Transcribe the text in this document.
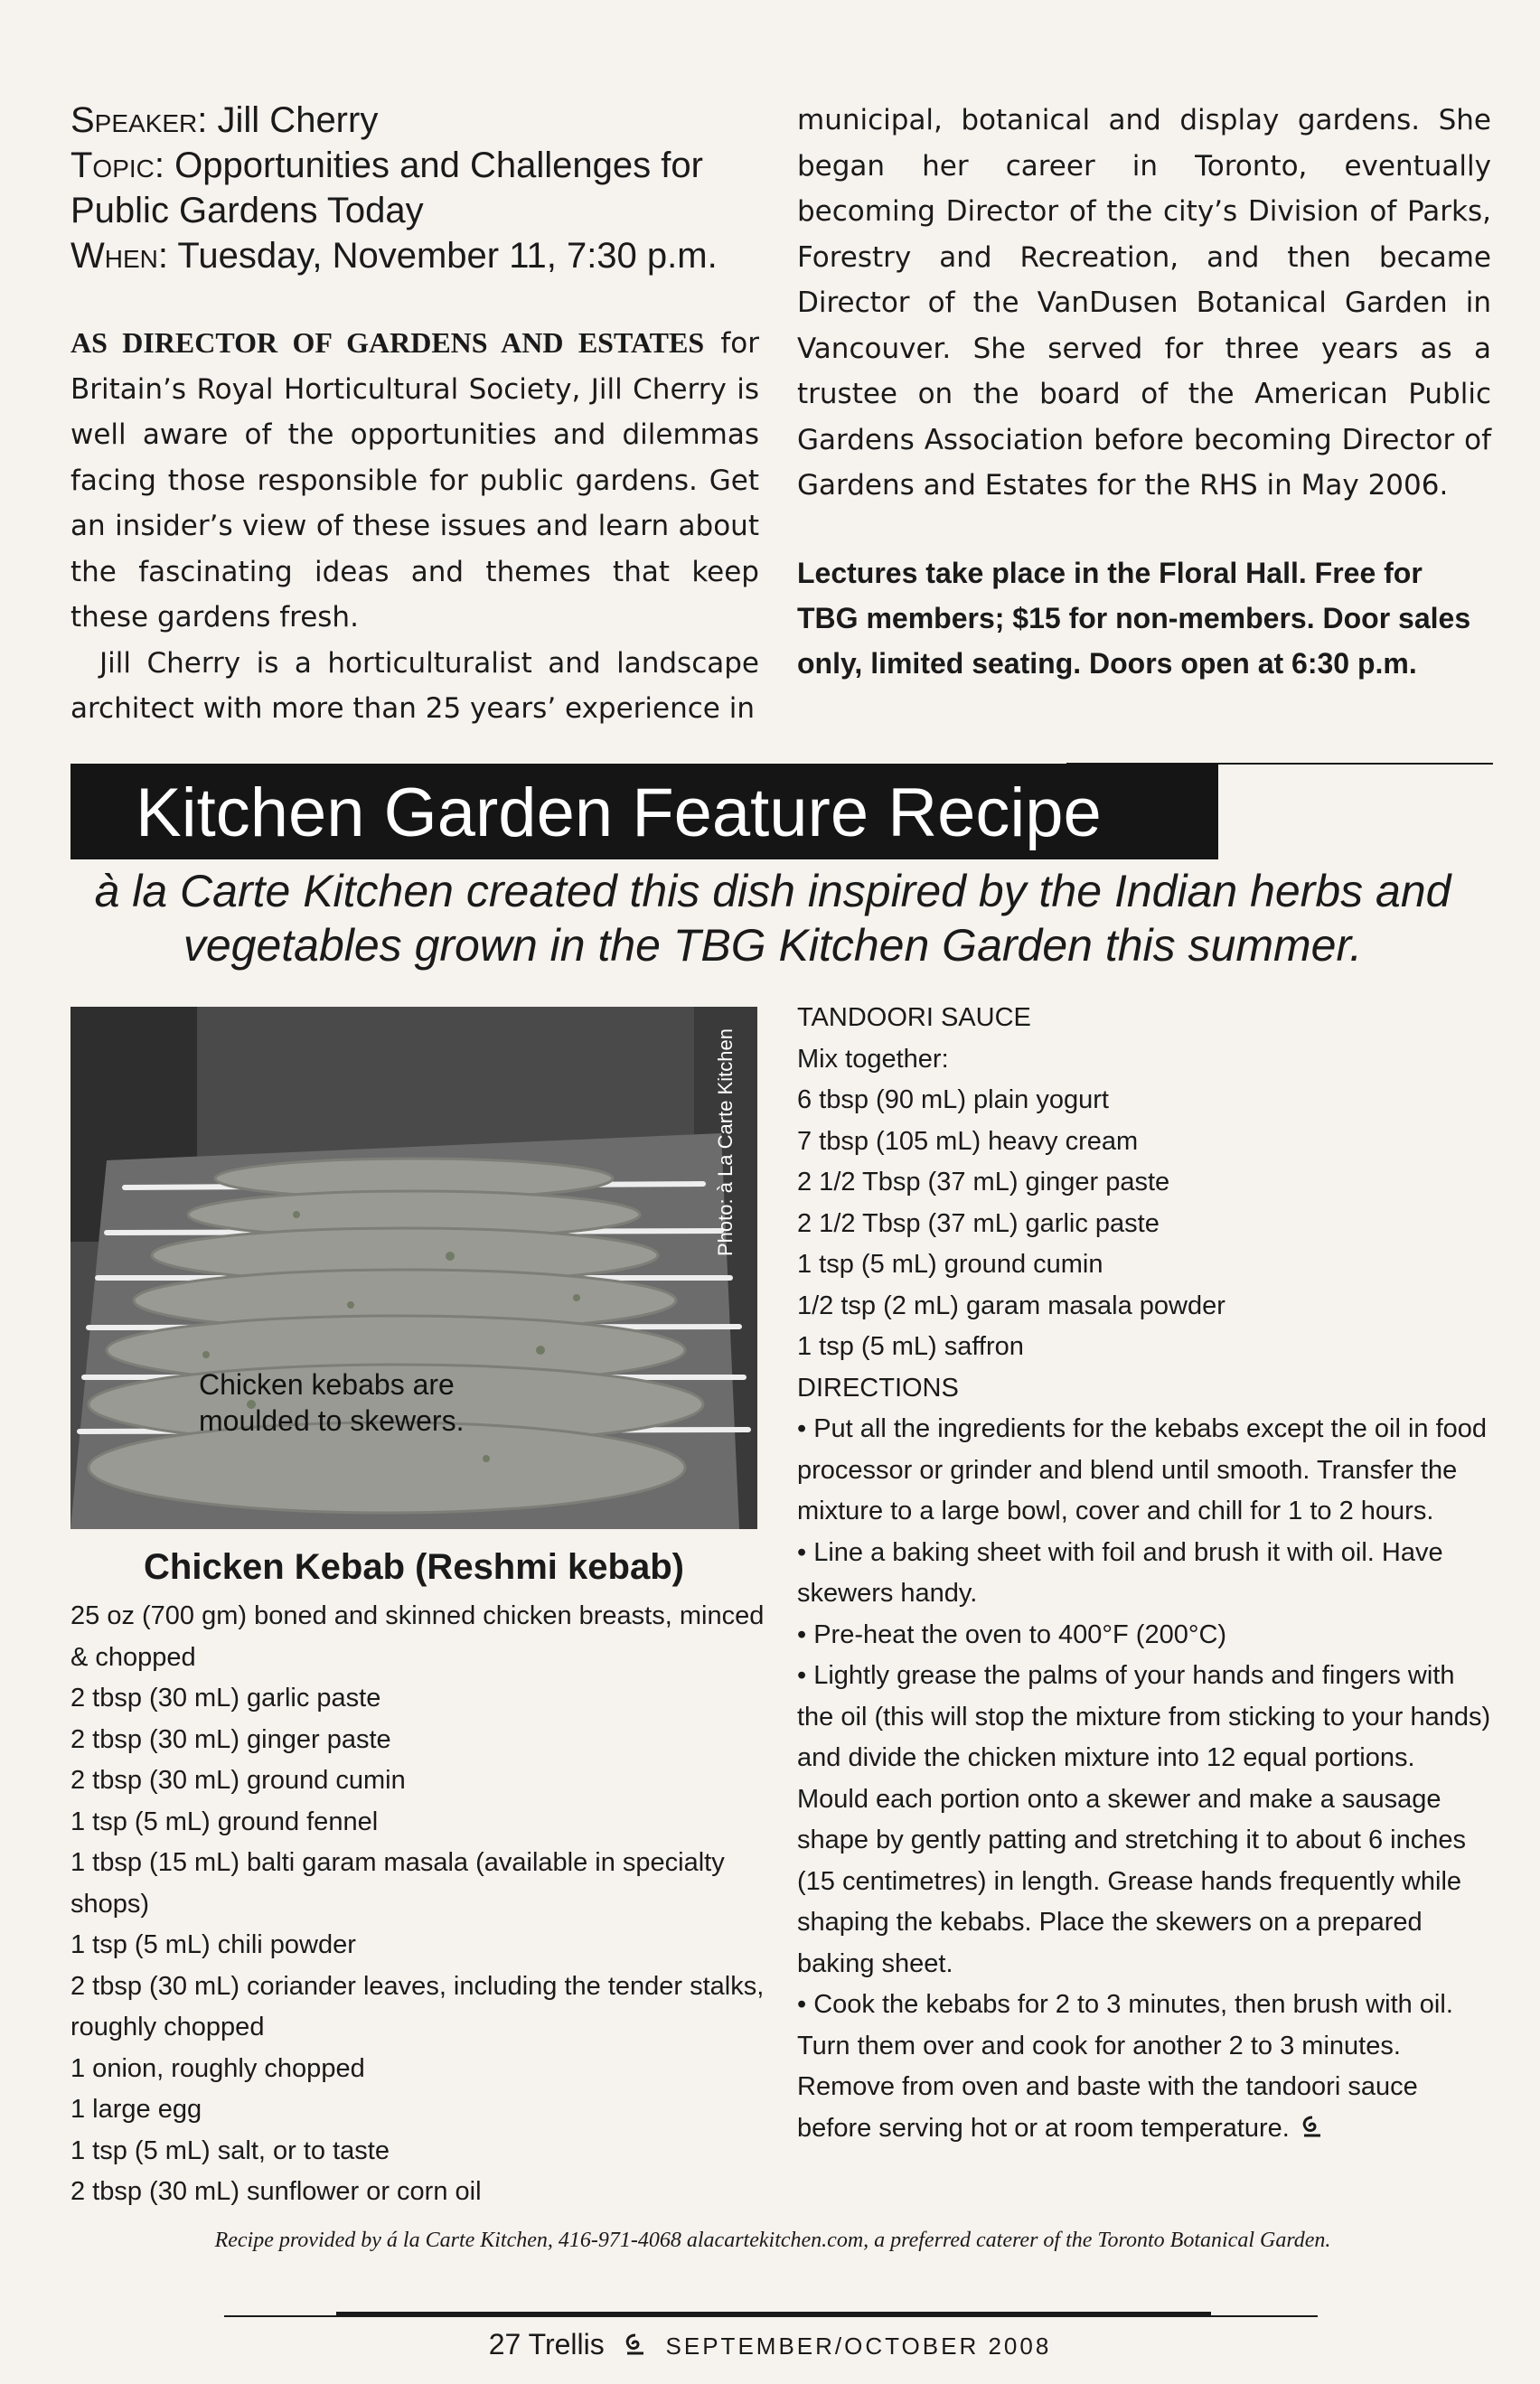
Speaker: Jill Cherry
Topic: Opportunities and Challenges for Public Gardens Today
When: Tuesday, November 11, 7:30 p.m.

AS DIRECTOR OF GARDENS AND ESTATES for Britain’s Royal Horticultural Society, Jill Cherry is well aware of the opportunities and dilemmas facing those responsible for public gardens. Get an insider’s view of these issues and learn about the fascinating ideas and themes that keep these gardens fresh.

Jill Cherry is a horticulturalist and landscape architect with more than 25 years’ experience in

municipal, botanical and display gardens. She began her career in Toronto, eventually becoming Director of the city’s Division of Parks, Forestry and Recreation, and then became Director of the VanDusen Botanical Garden in Vancouver. She served for three years as a trustee on the board of the American Public Gardens Association before becoming Director of Gardens and Estates for the RHS in May 2006.

Lectures take place in the Floral Hall. Free for TBG members; $15 for non-members. Door sales only, limited seating. Doors open at 6:30 p.m.

Kitchen Garden Feature Recipe
à la Carte Kitchen created this dish inspired by the Indian herbs and vegetables grown in the TBG Kitchen Garden this summer.
Photo: à La Carte Kitchen
Chicken kebabs are moulded to skewers.
Chicken Kebab (Reshmi kebab)
25 oz (700 gm) boned and skinned chicken breasts, minced & chopped
2 tbsp (30 mL) garlic paste
2 tbsp (30 mL) ginger paste
2 tbsp (30 mL) ground cumin
1 tsp (5 mL) ground fennel
1 tbsp (15 mL) balti garam masala (available in specialty shops)
1 tsp (5 mL) chili powder
2 tbsp (30 mL) coriander leaves, including the tender stalks, roughly chopped
1 onion, roughly chopped
1 large egg
1 tsp (5 mL) salt, or to taste
2 tbsp (30 mL) sunflower or corn oil
TANDOORI SAUCE
Mix together:
6 tbsp (90 mL) plain yogurt
7 tbsp (105 mL) heavy cream
2 1/2 Tbsp (37 mL) ginger paste
2 1/2 Tbsp (37 mL) garlic paste
1 tsp (5 mL) ground cumin
1/2 tsp (2 mL) garam masala powder
1 tsp (5 mL) saffron
DIRECTIONS
• Put all the ingredients for the kebabs except the oil in food processor or grinder and blend until smooth. Transfer the mixture to a large bowl, cover and chill for 1 to 2 hours.
• Line a baking sheet with foil and brush it with oil. Have skewers handy.
• Pre-heat the oven to 400°F (200°C)
• Lightly grease the palms of your hands and fingers with the oil (this will stop the mixture from sticking to your hands) and divide the chicken mixture into 12 equal portions. Mould each portion onto a skewer and make a sausage shape by gently patting and stretching it to about 6 inches (15 centimetres) in length. Grease hands frequently while shaping the kebabs. Place the skewers on a prepared baking sheet.
• Cook the kebabs for 2 to 3 minutes, then brush with oil. Turn them over and cook for another 2 to 3 minutes. Remove from oven and baste with the tandoori sauce before serving hot or at room temperature.
Recipe provided by á la Carte Kitchen, 416-971-4068 alacartekitchen.com, a preferred caterer of the Toronto Botanical Garden.
27 Trellis	SEPTEMBER/OCTOBER 2008
